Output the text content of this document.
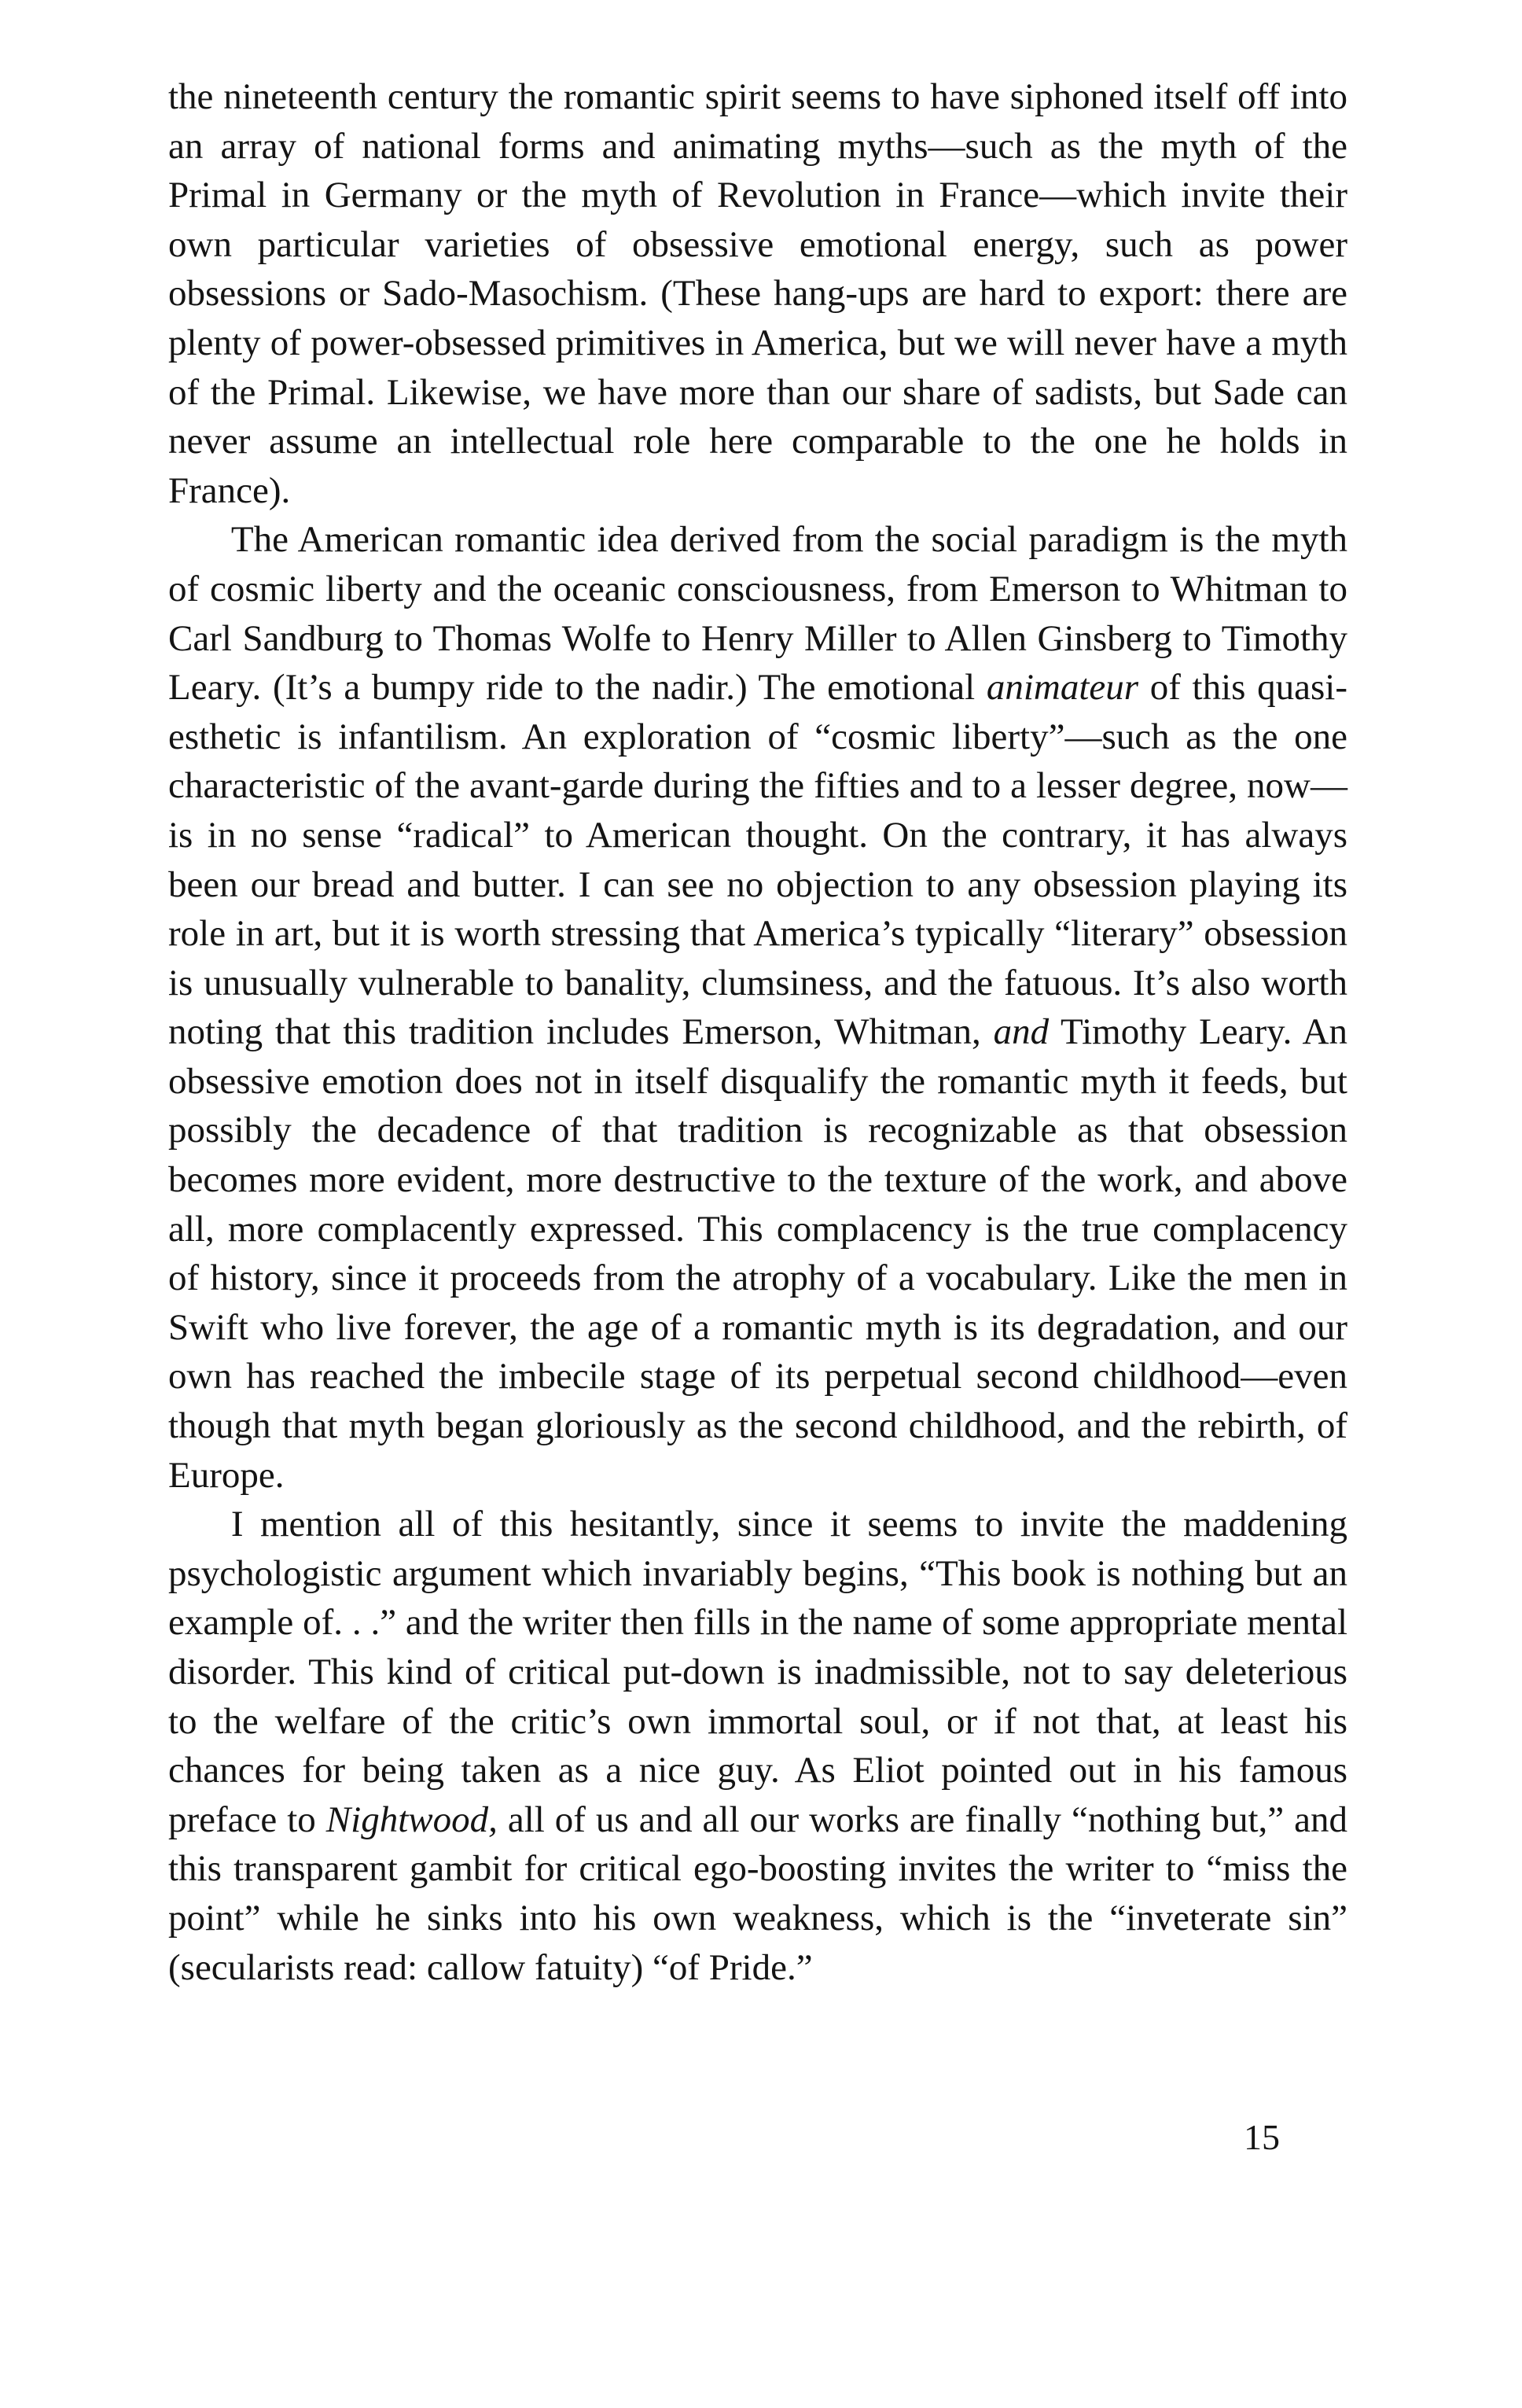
the nineteenth century the romantic spirit seems to have siphoned itself off into an array of national forms and animating myths—such as the myth of the Primal in Germany or the myth of Revolution in France—which invite their own particular varieties of obsessive emotional energy, such as power obsessions or Sado-Masochism. (These hang-ups are hard to export: there are plenty of power-obsessed primitives in America, but we will never have a myth of the Primal. Likewise, we have more than our share of sadists, but Sade can never assume an intellectual role here comparable to the one he holds in France).

The American romantic idea derived from the social paradigm is the myth of cosmic liberty and the oceanic consciousness, from Emerson to Whitman to Carl Sandburg to Thomas Wolfe to Henry Miller to Allen Ginsberg to Timothy Leary. (It’s a bumpy ride to the nadir.) The emotional animateur of this quasi-esthetic is infantilism. An exploration of “cosmic liberty”—such as the one characteristic of the avant-garde during the fifties and to a lesser degree, now—is in no sense “radical” to American thought. On the contrary, it has always been our bread and butter. I can see no objection to any obsession playing its role in art, but it is worth stressing that America’s typically “literary” obsession is unusually vulnerable to banality, clumsiness, and the fatuous. It’s also worth noting that this tradition includes Emerson, Whitman, and Timothy Leary. An obsessive emotion does not in itself disqualify the romantic myth it feeds, but possibly the decadence of that tradition is recognizable as that obsession becomes more evident, more destructive to the texture of the work, and above all, more complacently expressed. This complacency is the true complacency of history, since it proceeds from the atrophy of a vocabulary. Like the men in Swift who live forever, the age of a romantic myth is its degradation, and our own has reached the imbecile stage of its perpetual second childhood—even though that myth began gloriously as the second childhood, and the rebirth, of Europe.

I mention all of this hesitantly, since it seems to invite the maddening psychologistic argument which invariably begins, “This book is nothing but an example of. . .” and the writer then fills in the name of some appropriate mental disorder. This kind of critical put-down is inadmissible, not to say deleterious to the welfare of the critic’s own immortal soul, or if not that, at least his chances for being taken as a nice guy. As Eliot pointed out in his famous preface to Nightwood, all of us and all our works are finally “nothing but,” and this transparent gambit for critical ego-boosting invites the writer to “miss the point” while he sinks into his own weakness, which is the “inveterate sin” (secularists read: callow fatuity) “of Pride.”

15
